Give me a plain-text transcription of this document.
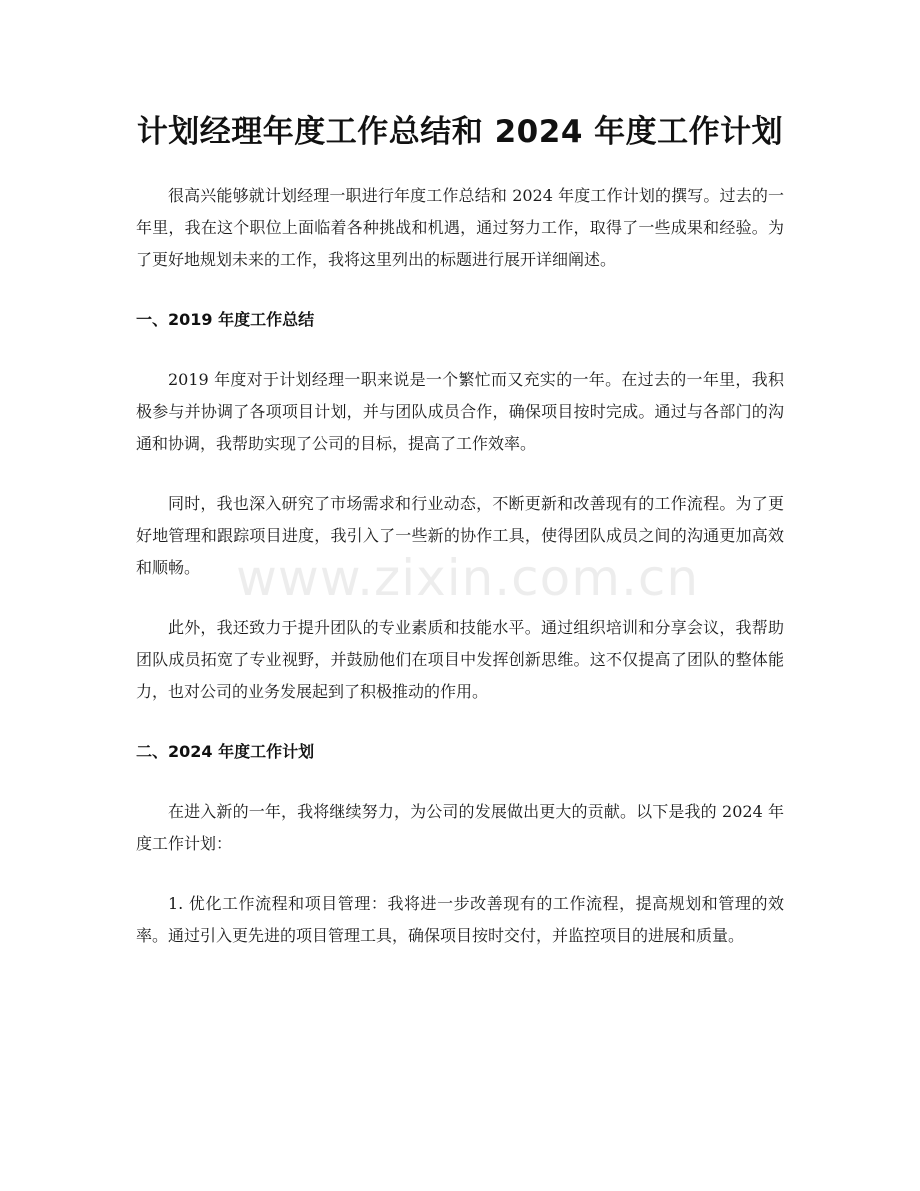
计划经理年度工作总结和 2024 年度工作计划

很高兴能够就计划经理一职进行年度工作总结和 2024 年度工作计划的撰写。过去的一年里，我在这个职位上面临着各种挑战和机遇，通过努力工作，取得了一些成果和经验。为了更好地规划未来的工作，我将这里列出的标题进行展开详细阐述。

一、2019 年度工作总结

2019 年度对于计划经理一职来说是一个繁忙而又充实的一年。在过去的一年里，我积极参与并协调了各项项目计划，并与团队成员合作，确保项目按时完成。通过与各部门的沟通和协调，我帮助实现了公司的目标，提高了工作效率。

同时，我也深入研究了市场需求和行业动态，不断更新和改善现有的工作流程。为了更好地管理和跟踪项目进度，我引入了一些新的协作工具，使得团队成员之间的沟通更加高效和顺畅。

此外，我还致力于提升团队的专业素质和技能水平。通过组织培训和分享会议，我帮助团队成员拓宽了专业视野，并鼓励他们在项目中发挥创新思维。这不仅提高了团队的整体能力，也对公司的业务发展起到了积极推动的作用。

二、2024 年度工作计划

在进入新的一年，我将继续努力，为公司的发展做出更大的贡献。以下是我的 2024 年度工作计划：

1. 优化工作流程和项目管理：我将进一步改善现有的工作流程，提高规划和管理的效率。通过引入更先进的项目管理工具，确保项目按时交付，并监控项目的进展和质量。

www.zixin.com.cn
